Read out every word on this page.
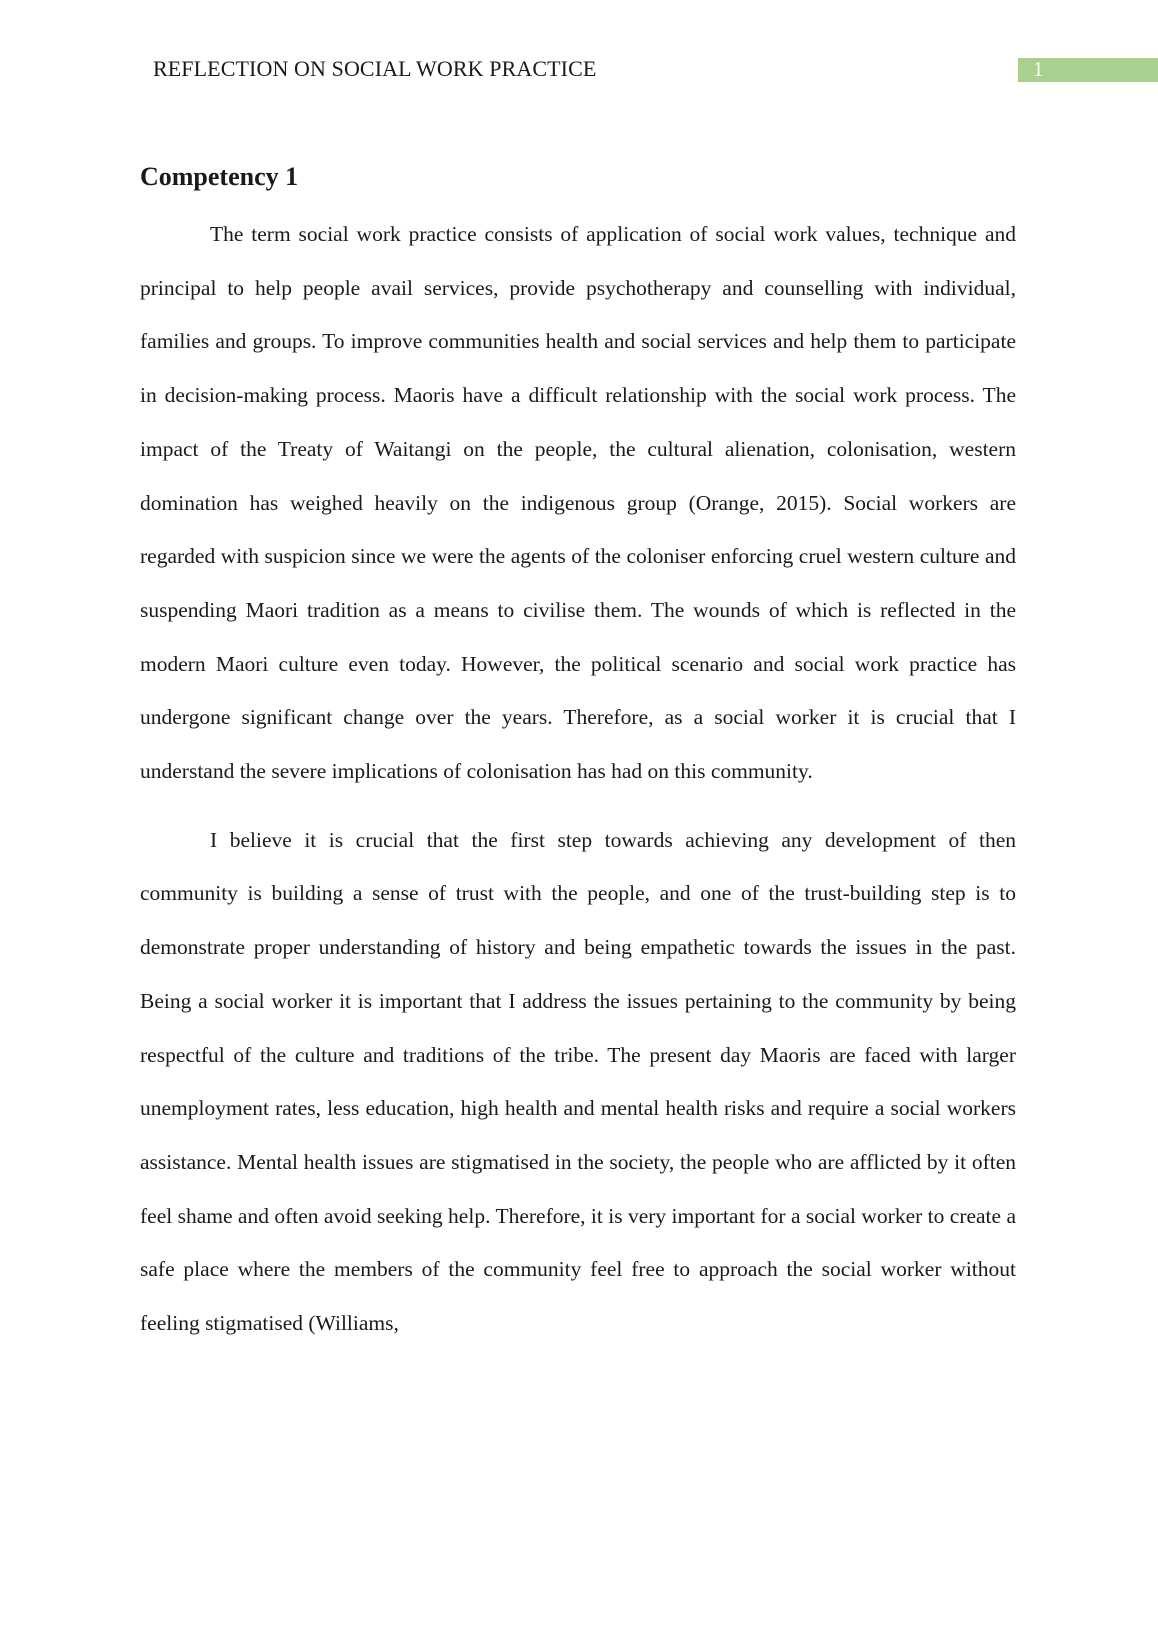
REFLECTION ON SOCIAL WORK PRACTICE	1
Competency 1

The term social work practice consists of application of social work values, technique and principal to help people avail services, provide psychotherapy and counselling with individual, families and groups. To improve communities health and social services and help them to participate in decision-making process. Maoris have a difficult relationship with the social work process. The impact of the Treaty of Waitangi on the people, the cultural alienation, colonisation, western domination has weighed heavily on the indigenous group (Orange, 2015). Social workers are regarded with suspicion since we were the agents of the coloniser enforcing cruel western culture and suspending Maori tradition as a means to civilise them. The wounds of which is reflected in the modern Maori culture even today. However, the political scenario and social work practice has undergone significant change over the years. Therefore, as a social worker it is crucial that I understand the severe implications of colonisation has had on this community.

I believe it is crucial that the first step towards achieving any development of then community is building a sense of trust with the people, and one of the trust-building step is to demonstrate proper understanding of history and being empathetic towards the issues in the past. Being a social worker it is important that I address the issues pertaining to the community by being respectful of the culture and traditions of the tribe. The present day Maoris are faced with larger unemployment rates, less education, high health and mental health risks and require a social workers assistance. Mental health issues are stigmatised in the society, the people who are afflicted by it often feel shame and often avoid seeking help. Therefore, it is very important for a social worker to create a safe place where the members of the community feel free to approach the social worker without feeling stigmatised (Williams,
